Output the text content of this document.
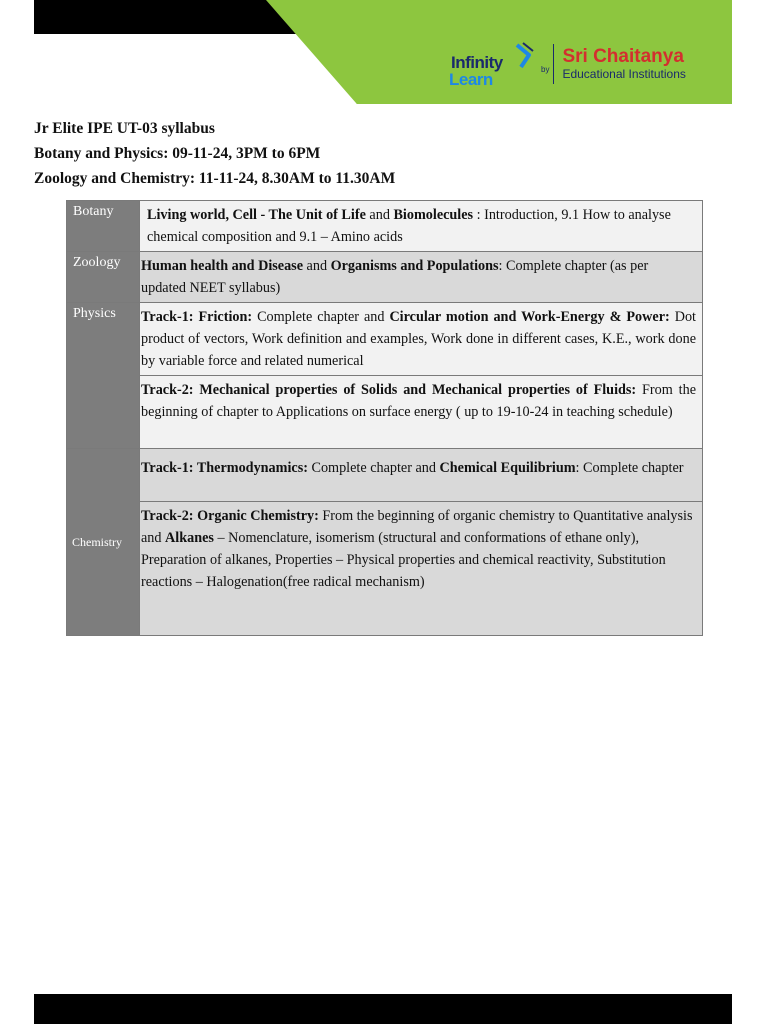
Infinity
Learn
by
Sri Chaitanya
Educational Institutions
Jr Elite IPE UT-03 syllabus
Botany and Physics: 09-11-24, 3PM to 6PM
Zoology and Chemistry: 11-11-24, 8.30AM to 11.30AM
Botany	Living world, Cell - The Unit of Life and Biomolecules : Introduction, 9.1 How to analyse chemical composition and 9.1 – Amino acids
Zoology	Human health and Disease and Organisms and Populations: Complete chapter (as per updated NEET syllabus)
Physics	Track-1: Friction: Complete chapter and Circular motion and Work-Energy & Power: Dot product of vectors, Work definition and examples, Work done in different cases, K.E., work done by variable force and related numerical
	Track-2: Mechanical properties of Solids and Mechanical properties of Fluids: From the beginning of chapter to Applications on surface energy ( up to 19-10-24 in teaching schedule)
Chemistry	Track-1: Thermodynamics: Complete chapter and Chemical Equilibrium: Complete chapter
	Track-2: Organic Chemistry: From the beginning of organic chemistry to Quantitative analysis and Alkanes – Nomenclature, isomerism (structural and conformations of ethane only), Preparation of alkanes, Properties – Physical properties and chemical reactivity, Substitution reactions – Halogenation(free radical mechanism)
